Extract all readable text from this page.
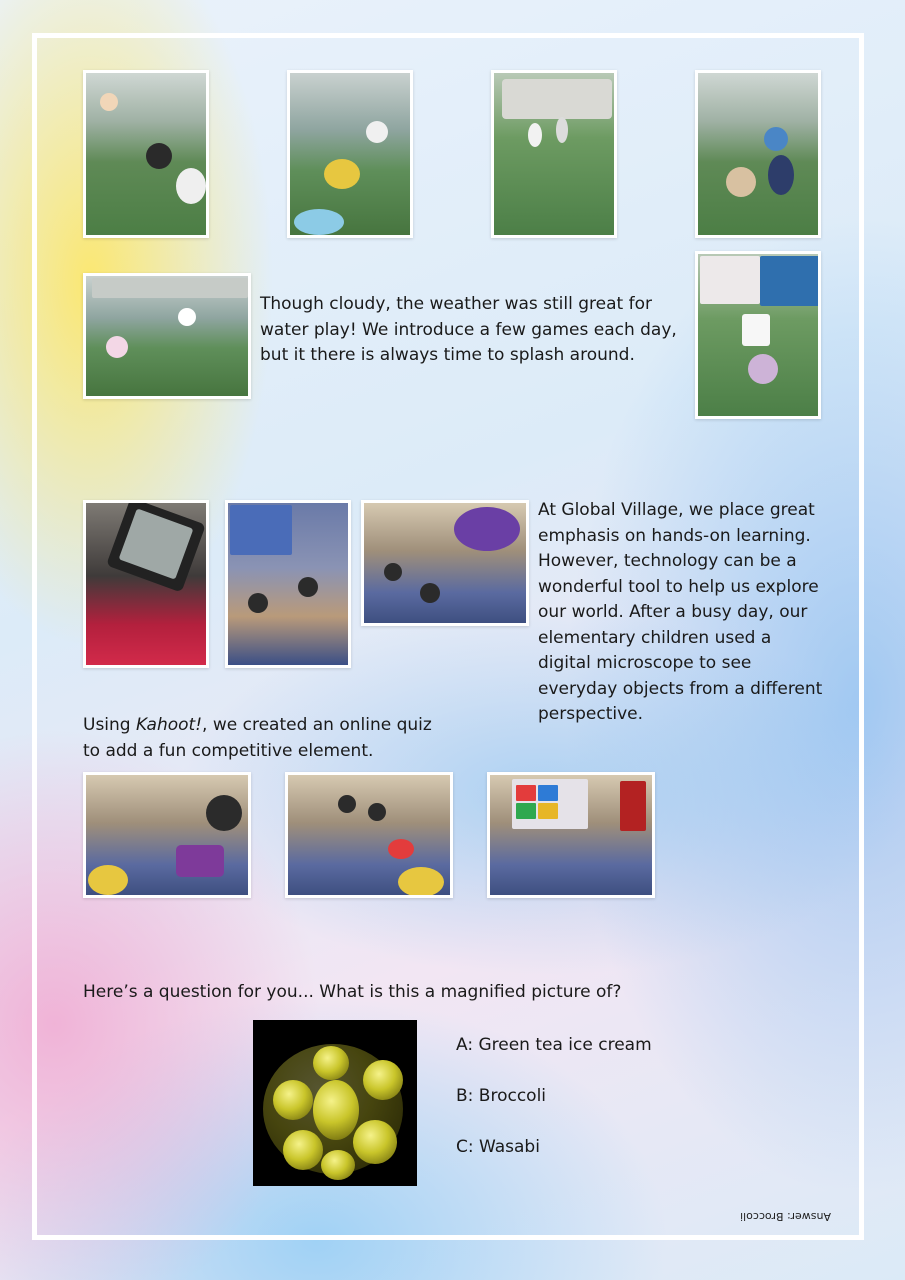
Though cloudy, the weather was still great for water play! We introduce a few games each day, but it there is always time to splash around.

At Global Village, we place great emphasis on hands-on learning. However, technology can be a wonderful tool to help us explore our world. After a busy day, our elementary children used a digital microscope to see everyday objects from a different perspective.

Using Kahoot!, we created an online quiz to add a fun competitive element.

Here’s a question for you... What is this a magnified picture of?

A: Green tea ice cream

B: Broccoli

C: Wasabi

Answer: Broccoli
